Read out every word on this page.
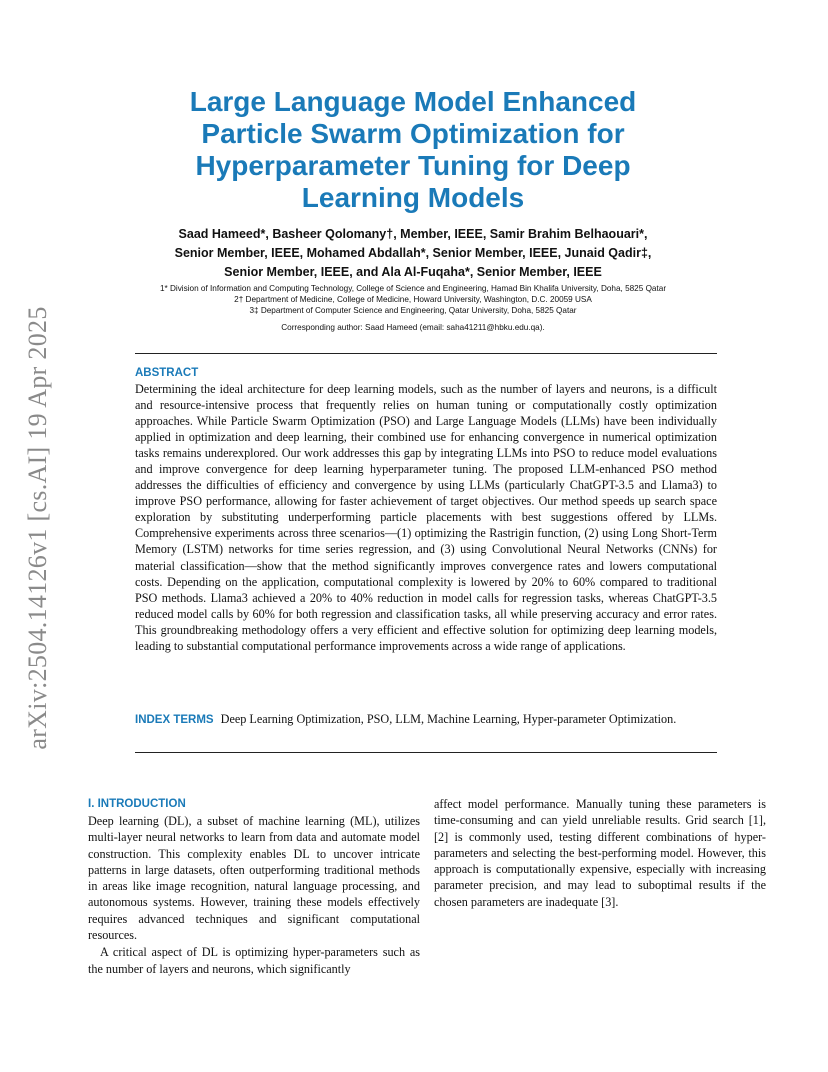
arXiv:2504.14126v1 [cs.AI] 19 Apr 2025
Large Language Model Enhanced
Particle Swarm Optimization for
Hyperparameter Tuning for Deep
Learning Models
Saad Hameed*, Basheer Qolomany†, Member, IEEE, Samir Brahim Belhaouari*,
Senior Member, IEEE, Mohamed Abdallah*, Senior Member, IEEE, Junaid Qadir‡,
Senior Member, IEEE, and Ala Al-Fuqaha*, Senior Member, IEEE
1* Division of Information and Computing Technology, College of Science and Engineering, Hamad Bin Khalifa University, Doha, 5825 Qatar
2† Department of Medicine, College of Medicine, Howard University, Washington, D.C. 20059 USA
3‡ Department of Computer Science and Engineering, Qatar University, Doha, 5825 Qatar
Corresponding author: Saad Hameed (email: saha41211@hbku.edu.qa).
ABSTRACT
Determining the ideal architecture for deep learning models, such as the number of layers and neurons, is a difficult and resource-intensive process that frequently relies on human tuning or computationally costly optimization approaches. While Particle Swarm Optimization (PSO) and Large Language Models (LLMs) have been individually applied in optimization and deep learning, their combined use for enhancing convergence in numerical optimization tasks remains underexplored. Our work addresses this gap by integrating LLMs into PSO to reduce model evaluations and improve convergence for deep learning hyperparameter tuning. The proposed LLM-enhanced PSO method addresses the difficulties of efficiency and convergence by using LLMs (particularly ChatGPT-3.5 and Llama3) to improve PSO performance, allowing for faster achievement of target objectives. Our method speeds up search space exploration by substituting underperforming particle placements with best suggestions offered by LLMs. Comprehensive experiments across three scenarios—(1) optimizing the Rastrigin function, (2) using Long Short-Term Memory (LSTM) networks for time series regression, and (3) using Convolutional Neural Networks (CNNs) for material classification—show that the method significantly improves convergence rates and lowers computational costs. Depending on the application, computational complexity is lowered by 20% to 60% compared to traditional PSO methods. Llama3 achieved a 20% to 40% reduction in model calls for regression tasks, whereas ChatGPT-3.5 reduced model calls by 60% for both regression and classification tasks, all while preserving accuracy and error rates. This groundbreaking methodology offers a very efficient and effective solution for optimizing deep learning models, leading to substantial computational performance improvements across a wide range of applications.
INDEX TERMS Deep Learning Optimization, PSO, LLM, Machine Learning, Hyper-parameter Optimization.
I. INTRODUCTION

Deep learning (DL), a subset of machine learning (ML), utilizes multi-layer neural networks to learn from data and automate model construction. This complexity enables DL to uncover intricate patterns in large datasets, often outperforming traditional methods in areas like image recognition, natural language processing, and autonomous systems. However, training these models effectively requires advanced techniques and significant computational resources.

A critical aspect of DL is optimizing hyper-parameters such as the number of layers and neurons, which significantly

affect model performance. Manually tuning these parameters is time-consuming and can yield unreliable results. Grid search [1], [2] is commonly used, testing different combinations of hyper-parameters and selecting the best-performing model. However, this approach is computationally expensive, especially with increasing parameter precision, and may lead to suboptimal results if the chosen parameters are inadequate [3].
